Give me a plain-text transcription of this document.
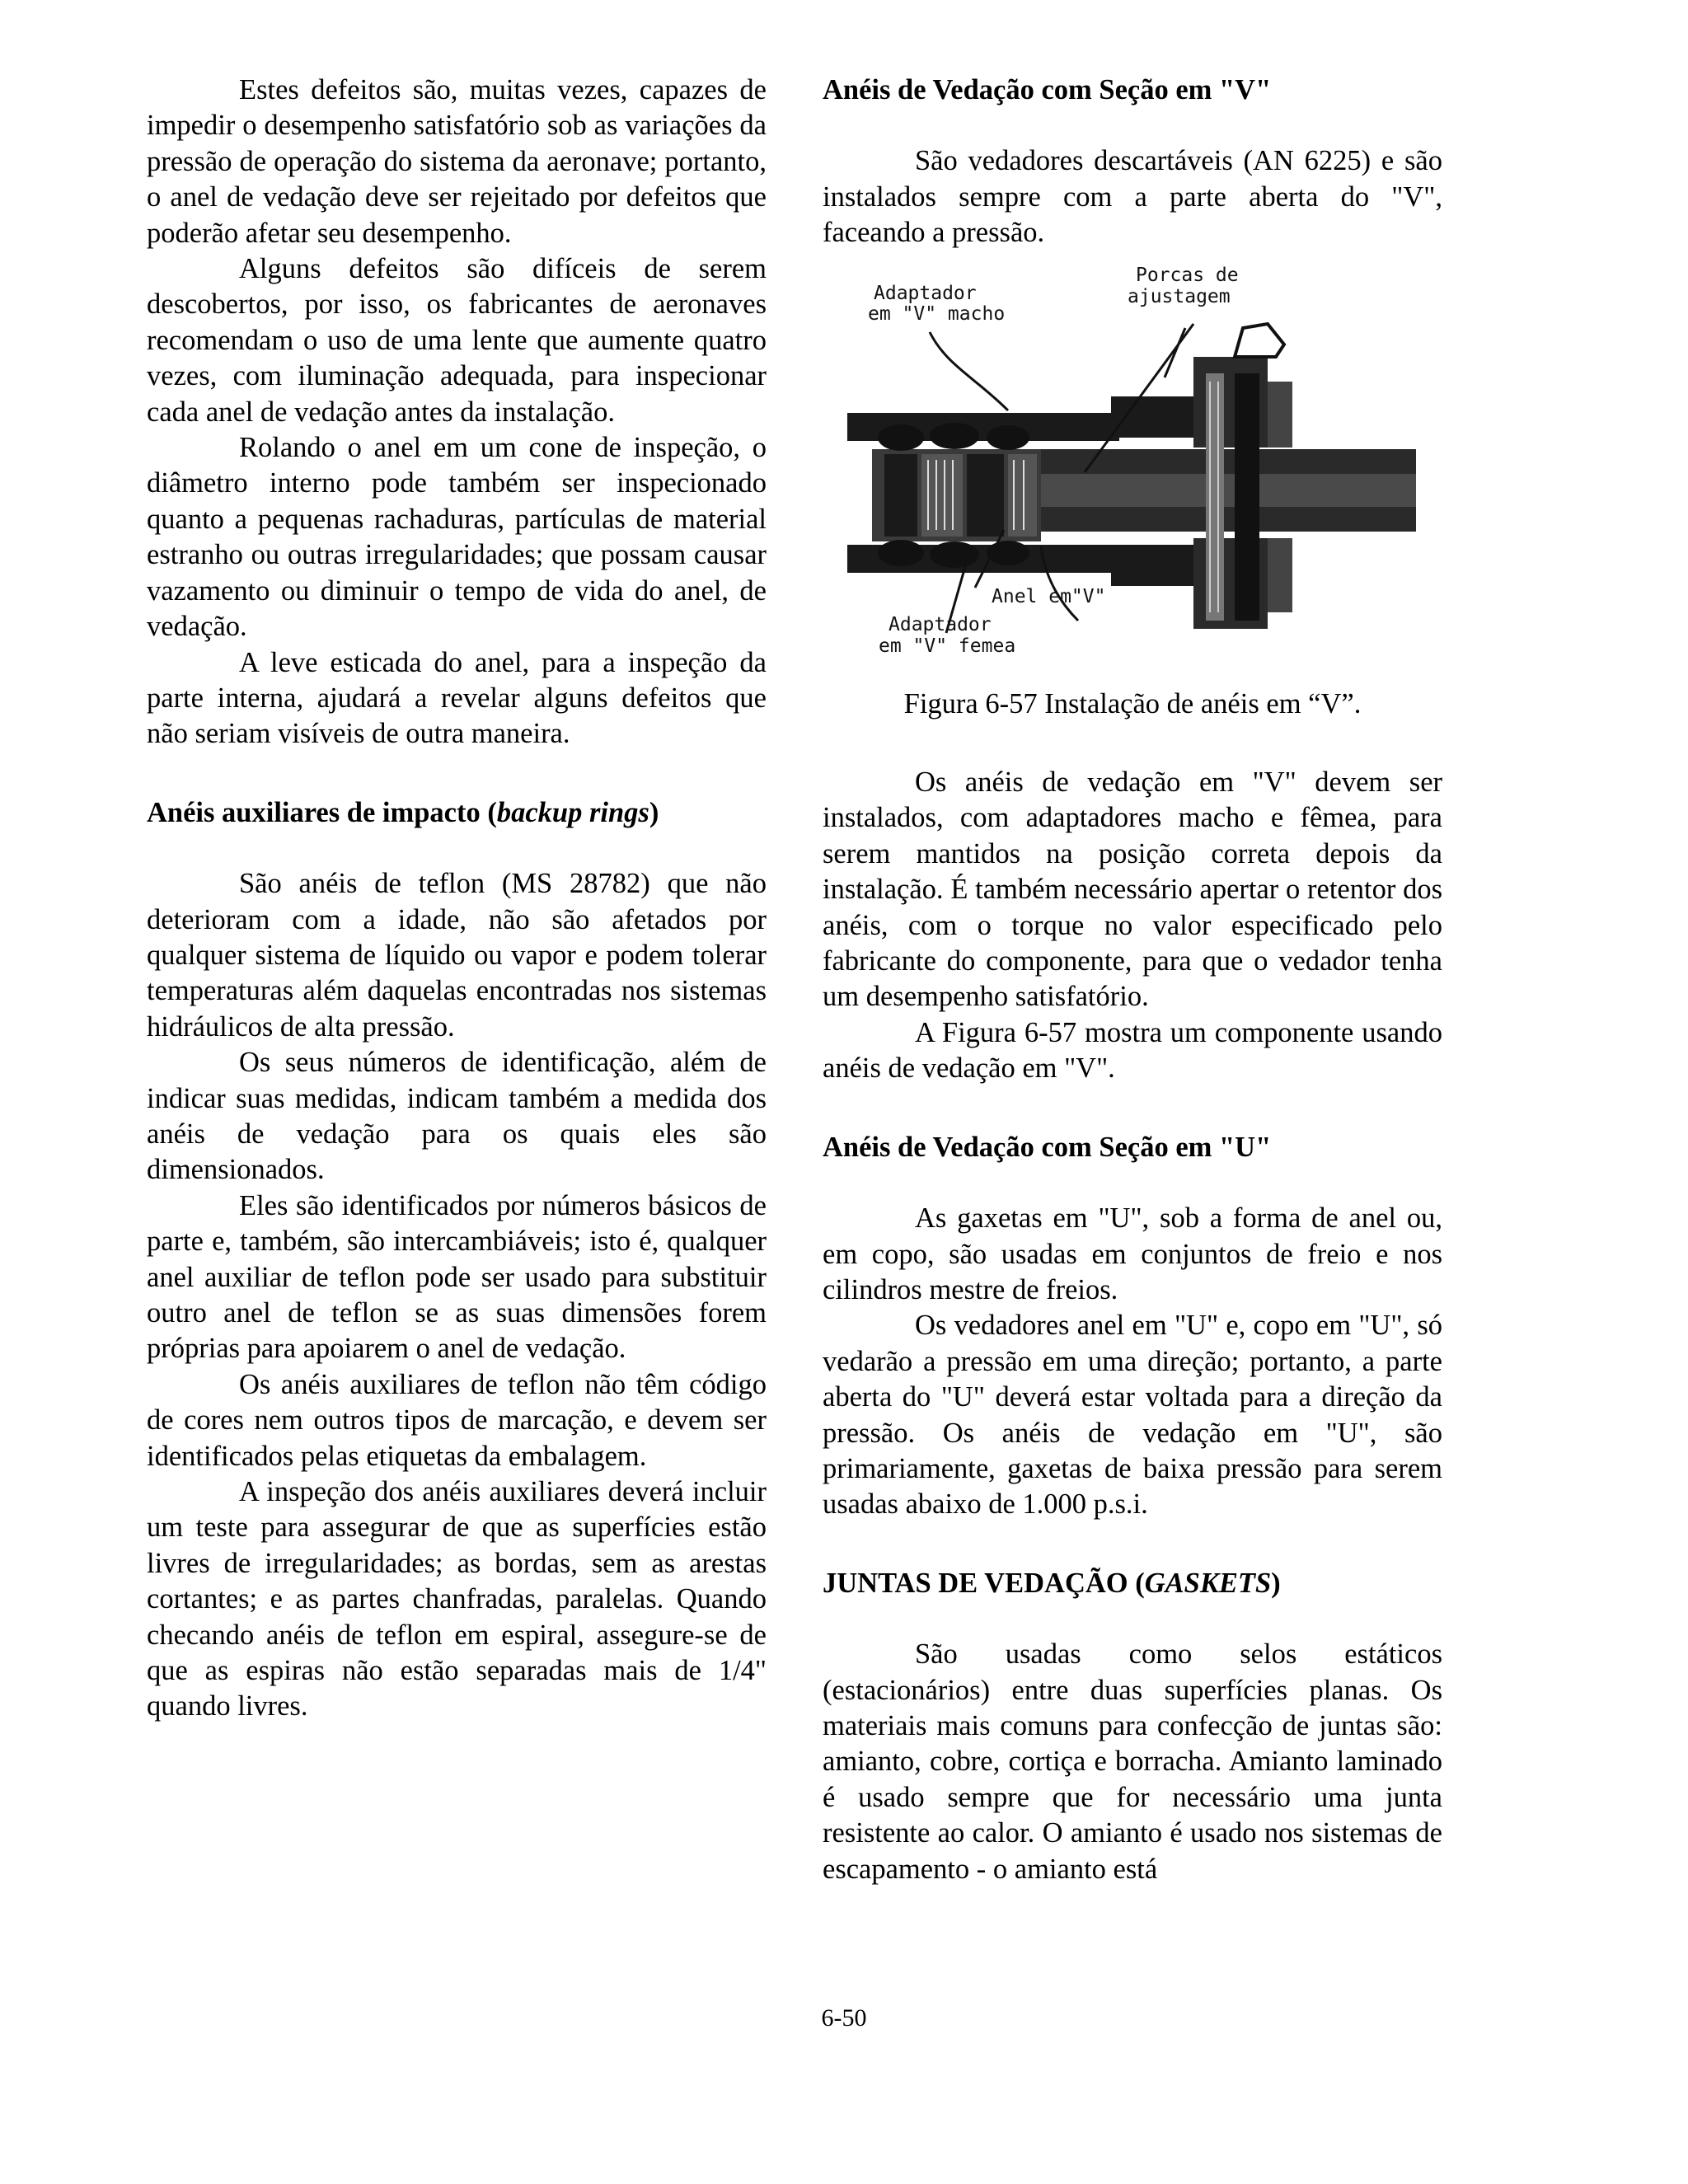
Estes defeitos são, muitas vezes, capazes de impedir o desempenho satisfatório sob as variações da pressão de operação do sistema da aeronave; portanto, o anel de vedação deve ser rejeitado por defeitos que poderão afetar seu desempenho.

Alguns defeitos são difíceis de serem descobertos, por isso, os fabricantes de aeronaves recomendam o uso de uma lente que aumente quatro vezes, com iluminação adequada, para inspecionar cada anel de vedação antes da instalação.

Rolando o anel em um cone de inspeção, o diâmetro interno pode também ser inspecionado quanto a pequenas rachaduras, partículas de material estranho ou outras irregularidades; que possam causar vazamento ou diminuir o tempo de vida do anel, de vedação.

A leve esticada do anel, para a inspeção da parte interna, ajudará a revelar alguns defeitos que não seriam visíveis de outra maneira.

Anéis auxiliares de impacto (backup rings)

São anéis de teflon (MS 28782) que não deterioram com a idade, não são afetados por qualquer sistema de líquido ou vapor e podem tolerar temperaturas além daquelas encontradas nos sistemas hidráulicos de alta pressão.

Os seus números de identificação, além de indicar suas medidas, indicam também a medida dos anéis de vedação para os quais eles são dimensionados.

Eles são identificados por números básicos de parte e, também, são intercambiáveis; isto é, qualquer anel auxiliar de teflon pode ser usado para substituir outro anel de teflon se as suas dimensões forem próprias para apoiarem o anel de vedação.

Os anéis auxiliares de teflon não têm código de cores nem outros tipos de marcação, e devem ser identificados pelas etiquetas da embalagem.

A inspeção dos anéis auxiliares deverá incluir um teste para assegurar de que as superfícies estão livres de irregularidades; as bordas, sem as arestas cortantes; e as partes chanfradas, paralelas. Quando checando anéis de teflon em espiral, assegure-se de que as espiras não estão separadas mais de 1/4" quando livres.

Anéis de Vedação com Seção em "V"

São vedadores descartáveis (AN 6225) e são instalados sempre com a parte aberta do "V", faceando a pressão.

Porcas de
ajustagem
Adaptador
em "V" macho
Anel em"V"
Adaptador
em "V" femea

Figura 6-57 Instalação de anéis em “V”.

Os anéis de vedação em "V" devem ser instalados, com adaptadores macho e fêmea, para serem mantidos na posição correta depois da instalação. É também necessário apertar o retentor dos anéis, com o torque no valor especificado pelo fabricante do componente, para que o vedador tenha um desempenho satisfatório.

A Figura 6-57 mostra um componente usando anéis de vedação em "V".

Anéis de Vedação com Seção em "U"

As gaxetas em "U", sob a forma de anel ou, em copo, são usadas em conjuntos de freio e nos cilindros mestre de freios.

Os vedadores anel em "U" e, copo em "U", só vedarão a pressão em uma direção; portanto, a parte aberta do "U" deverá estar voltada para a direção da pressão. Os anéis de vedação em "U", são primariamente, gaxetas de baixa pressão para serem usadas abaixo de 1.000 p.s.i.

JUNTAS DE VEDAÇÃO (GASKETS)

São usadas como selos estáticos (estacionários) entre duas superfícies planas. Os materiais mais comuns para confecção de juntas são: amianto, cobre, cortiça e borracha. Amianto laminado é usado sempre que for necessário uma junta resistente ao calor. O amianto é usado nos sistemas de escapamento - o amianto está

6-50
